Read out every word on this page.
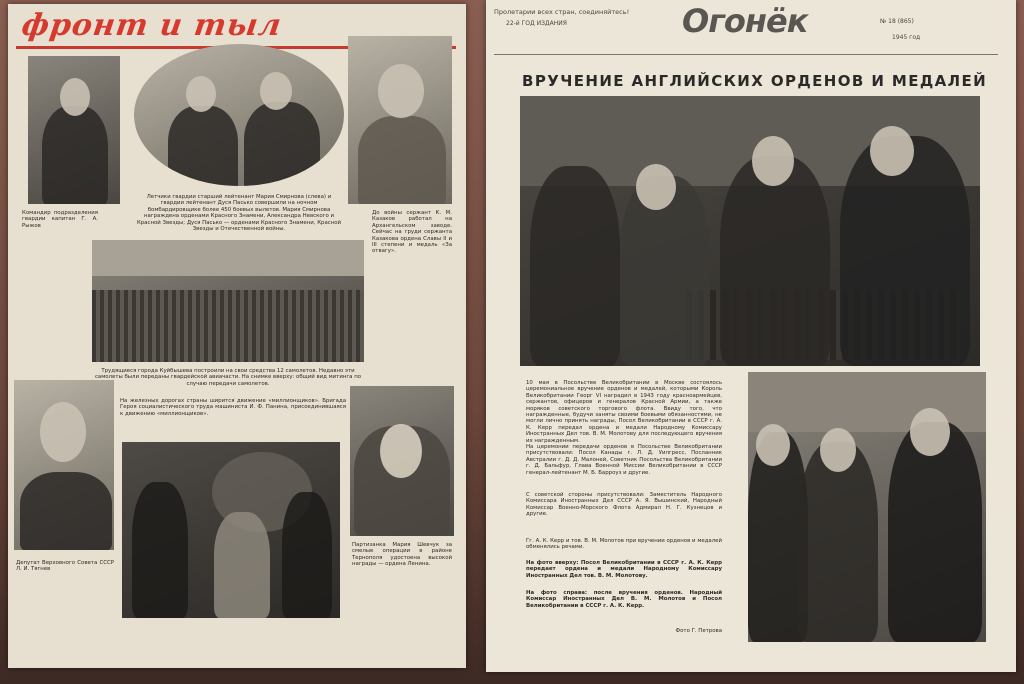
фронт и тыл
Командир подразделения гвардии капитан Г. А. Рыжов
Летчики гвардии старший лейтенант Мария Смирнова (слева) и гвардии лейтенант Дуся Пасько совершили на ночном бомбардировщике более 450 боевых вылетов. Мария Смирнова награждена орденами Красного Знамени, Александра Невского и Красной Звезды; Дуся Пасько — орденами Красного Знамени, Красной Звезды и Отечественной войны.
До войны сержант К. М. Казаков работал на Архангельском заводе. Сейчас на груди сержанта Казакова ордена Славы II и III степени и медаль «За отвагу».
Трудящиеся города Куйбышева построили на свои средства 12 самолетов. Недавно эти самолеты были переданы гвардейской авиачасти. На снимке вверху: общий вид митинга по случаю передачи самолетов.
На железных дорогах страны ширится движение «миллионщиков». Бригада Героя социалистического труда машиниста И. Ф. Панина, присоединившаяся к движению «миллионщиков».
Депутат Верховного Совета СССР Л. И. Тягнев
Партизанка Мария Шевчук за смелые операции в районе Тернополя удостоена высокой награды — ордена Ленина.
Пролетарии всех стран, соединяйтесь!
22-й ГОД ИЗДАНИЯ	Огонёк	№ 18 (865)
1945 год
ВРУЧЕНИЕ АНГЛИЙСКИХ ОРДЕНОВ И МЕДАЛЕЙ
10 мая в Посольстве Великобритании в Москве состоялось церемониальное вручение орденов и медалей, которыми Король Великобритании Георг VI наградил в 1943 году красноармейцев, сержантов, офицеров и генералов Красной Армии, а также моряков советского торгового флота. Ввиду того, что награжденные, будучи заняты своими боевыми обязанностями, не могли лично принять награды, Посол Великобритании в СССР г. А. К. Керр передал ордена и медали Народному Комиссару Иностранных Дел тов. В. М. Молотову для последующего вручения их награжденным.
На церемонии передачи орденов в Посольстве Великобритании присутствовали: Посол Канады г. Л. Д. Уилгресс, Посланник Австралии г. Д. Д. Малоней, Советник Посольства Великобритании г. Д. Бальфур, Глава Военной Миссии Великобритании в СССР генерал-лейтенант М. Б. Барроуз и другие.
С советской стороны присутствовали: Заместитель Народного Комиссара Иностранных Дел СССР А. Я. Вышинский, Народный Комиссар Военно-Морского Флота Адмирал Н. Г. Кузнецов и другие.
Гг. А. К. Керр и тов. В. М. Молотов при вручении орденов и медалей обменялись речами.
На фото вверху: Посол Великобритании в СССР г. А. К. Керр передает ордена и медали Народному Комиссару Иностранных Дел тов. В. М. Молотову.
На фото справа: после вручения орденов. Народный Комиссар Иностранных Дел В. М. Молотов и Посол Великобритании в СССР г. А. К. Керр.
Фото Г. Петрова
